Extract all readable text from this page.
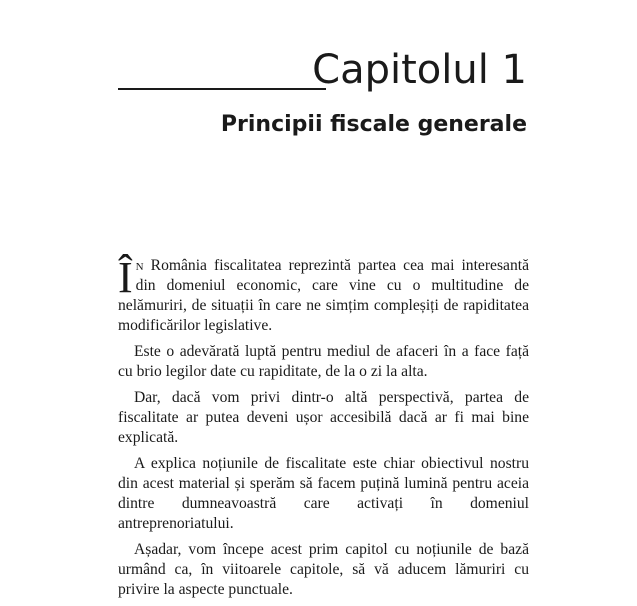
Capitolul 1
Principii fiscale generale

În România fiscalitatea reprezintă partea cea mai interesantă din domeniul economic, care vine cu o multitudine de nelămuriri, de situații în care ne simțim compleșiți de rapiditatea modificărilor legislative.

Este o adevărată luptă pentru mediul de afaceri în a face față cu brio legilor date cu rapiditate, de la o zi la alta.

Dar, dacă vom privi dintr-o altă perspectivă, partea de fiscalitate ar putea deveni ușor accesibilă dacă ar fi mai bine explicată.

A explica noțiunile de fiscalitate este chiar obiectivul nostru din acest material și sperăm să facem puțină lumină pentru aceia dintre dumneavoastră care activați în domeniul antreprenoriatului.

Așadar, vom începe acest prim capitol cu noțiunile de bază urmând ca, în viitoarele capitole, să vă aducem lămuriri cu privire la aspecte punctuale.
